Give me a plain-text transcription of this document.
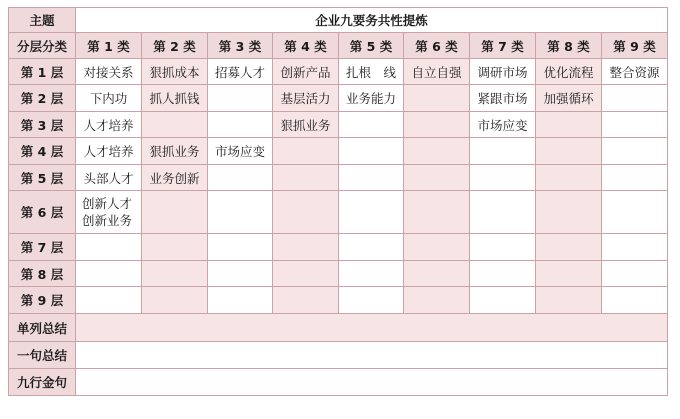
主题	企业九要务共性提炼								
分层分类	第 1 类	第 2 类	第 3 类	第 4 类	第 5 类	第 6 类	第 7 类	第 8 类	第 9 类
第 1 层	对接关系	狠抓成本	招募人才	创新产品	扎根　线	自立自强	调研市场	优化流程	整合资源
第 2 层	下内功	抓人抓钱		基层活力	业务能力		紧跟市场	加强循环	
第 3 层	人才培养			狠抓业务			市场应变		
第 4 层	人才培养	狠抓业务	市场应变						
第 5 层	头部人才	业务创新							
第 6 层	创新人才
创新业务								
第 7 层									
第 8 层									
第 9 层									
单列总结									
一句总结									
九行金句									
